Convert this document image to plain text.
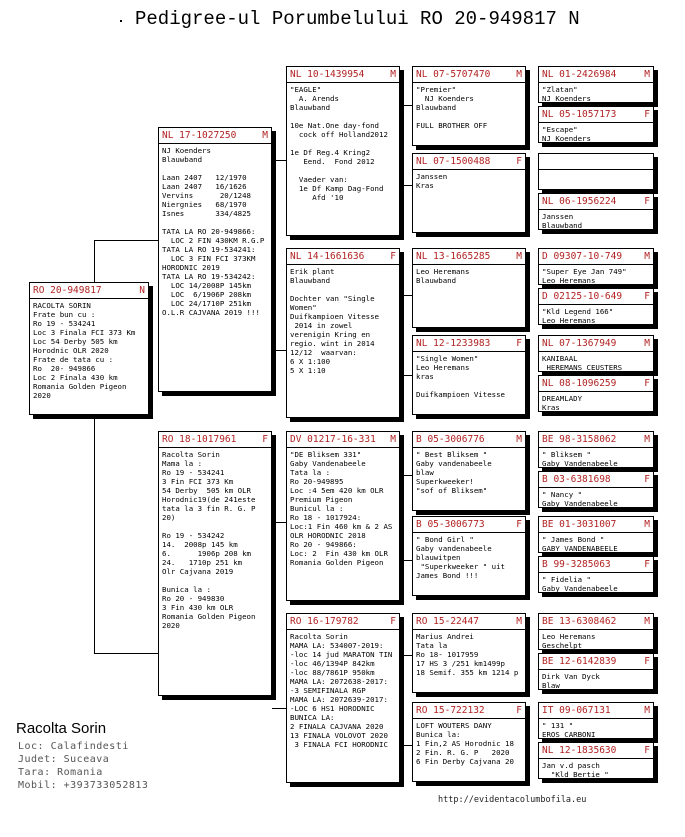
Pedigree-ul Porumbelului RO 20-949817 N
RO 20-949817	N
RACOLTA SORIN
Frate bun cu :
Ro 19 - 534241
Loc 3 Finala FCI 373 Km
Loc 54 Derby 505 km
Horodnic OLR 2020
Frate de tata cu :
Ro  20- 949866
Loc 2 Finala 430 km
Romania Golden Pigeon
2020
NL 17-1027250	M
NJ Koenders
Blauwband

Laan 2407   12/1970
Laan 2407   16/1626
Vervins      20/1248
Niergnies   68/1970
Isnes       334/4825

TATA LA RO 20-949866:
LOC 2 FIN 430KM R.G.P
TATA LA RO 19-534241:
LOC 3 FIN FCI 373KM
HORODNIC 2019
TATA LA RO 19-534242:
LOC 14/2008P 145km
LOC  6/1906P 208km
LOC 24/1710P 251km
O.L.R CAJVANA 2019 !!!
RO 18-1017961	F
Racolta Sorin
Mama la :
Ro 19 - 534241
3 Fin FCI 373 Km
54 Derby  505 km OLR
Horodnic19(de 241este
tata la 3 fin R. G. P
20)

Ro 19 - 534242
14.  2008p 145 km
6.      1906p 208 km
24.   1710p 251 km
Olr Cajvana 2019

Bunica la :
Ro 20 - 949830
3 Fin 430 km OLR
Romania Golden Pigeon
2020
NL 10-1439954	M
"EAGLE"
A. Arends
Blauwband

10e Nat.One day-fond
cock off Holland2012

1e Df Reg.4 Kring2
Eend.  Fond 2012

Vaeder van:
1e Df Kamp Dag-Fond
Afd '10
NL 14-1661636	F
Erik plant
Blauwband

Dochter van "Single
Women"
Duifkampioen Vitesse
2014 in zowel
verenigin Kring en
regio. wint in 2014
12/12  waarvan:
6 X 1:100
5 X 1:10
DV 01217-16-331 M
"DE Bliksem 331"
Gaby Vandenabeele
Tata la :
Ro 20-949895
Loc :4 5em 420 km OLR
Premium Pigeon
Bunicul la :
Ro 18 - 1017924:
Loc:1 Fin 460 km & 2 AS
OLR HORODNIC 2018
Ro 20 - 949866:
Loc: 2  Fin 430 km OLR
Romania Golden Pigeon
RO 16-179782	F
Racolta Sorin
MAMA LA: 534007-2019:
-loc 14 jud MARATON TIN
-loc 46/1394P 842km
-loc 88/7861P 950km
MAMA LA: 2072638-2017:
-3 SEMIFINALA RGP
MAMA LA: 2072639-2017:
-LOC 6 HS1 HORODNIC
BUNICA LA:
2 FINALA CAJVANA 2020
13 FINALA VOLOVOT 2020
3 FINALA FCI HORODNIC
NL 07-5707470	M
"Premier"
NJ Koenders
Blauwband

FULL BROTHER OFF
NL 07-1500488	F
Janssen
Kras
NL 13-1665285	M
Leo Heremans
Blauwband
NL 12-1233983	F
"Single Women"
Leo Heremans
kras

Duifkampioen Vitesse
B 05-3006776	M
" Best Bliksem "
Gaby vandenabeele
blaw
Superkweeker!
"sof of Bliksem"
B 05-3006773	F
" Bond Girl "
Gaby vandenabeele
blauwitpen
"Superkweeker " uit
James Bond !!!
RO 15-22447	M
Marius Andrei
Tata la
Ro 18- 1017959
17 HS 3 /251 km1499p
18 Semif. 355 km 1214 p
RO 15-722132	F
LOFT WOUTERS DANY
Bunica la:
1 Fin,2 AS Horodnic 18
2 Fin. R. G. P   2020
6 Fin Derby Cajvana 20
NL 01-2426984	M
"Zlatan"
NJ Koenders
NL 05-1057173	F
"Escape"
NJ Koenders
NL 06-1956224	F
Janssen
Blauwband
D 09307-10-749 M
"Super Eye Jan 749"
Leo Heremans
D 02125-10-649 F
"Kld Legend 166"
Leo Heremans
NL 07-1367949	M
KANIBAAL
HEREMANS CEUSTERS
NL 08-1096259	F
DREAMLADY
Kras
BE 98-3158062	M
" Bliksem "
Gaby Vandenabeele
B 03-6381698	F
" Nancy "
Gaby Vandenabeele
BE 01-3031007	M
" James Bond "
GABY VANDENABEELE
B 99-3285063	F
" Fidelia "
Gaby Vandenabeele
BE 13-6308462	M
Leo Heremans
Geschelpt
BE 12-6142839	F
Dirk Van Dyck
Blaw
IT 09-067131	M
" 131 "
EROS CARBONI
NL 12-1835630	F
Jan v.d pasch
"Kld Bertie "
Racolta Sorin
Loc: Calafindesti
Judet: Suceava
Tara: Romania
Mobil: +393733052813
http://evidentacolumbofila.eu
